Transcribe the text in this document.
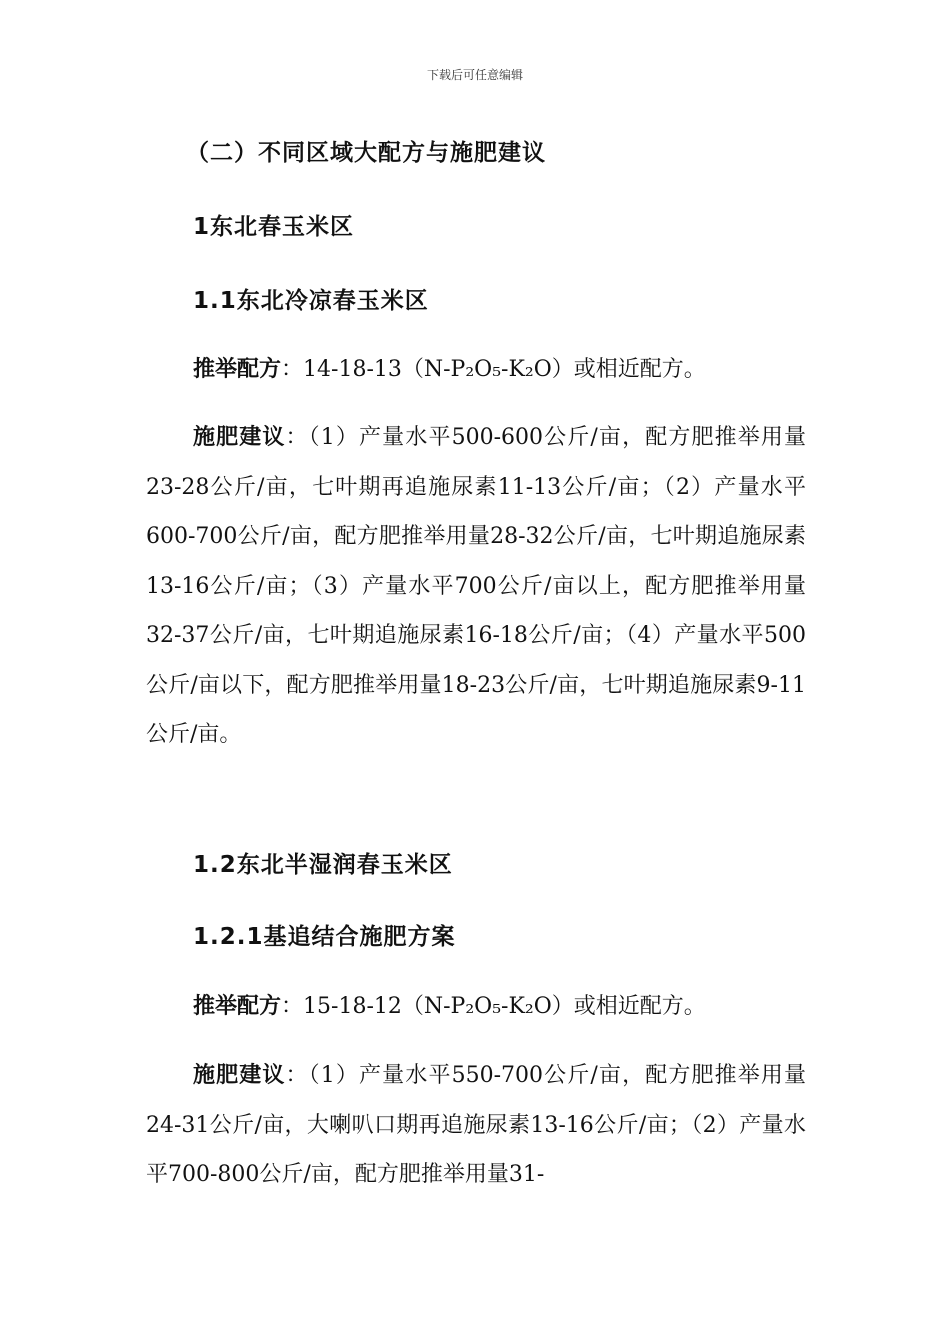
下载后可任意编辑
（二）不同区域大配方与施肥建议
1东北春玉米区
1.1东北冷凉春玉米区
推举配方：14-18-13（N-P₂O₅-K₂O）或相近配方。

施肥建议：（1）产量水平500-600公斤/亩，配方肥推举用量23-28公斤/亩，七叶期再追施尿素11-13公斤/亩；（2）产量水平600-700公斤/亩，配方肥推举用量28-32公斤/亩，七叶期追施尿素13-16公斤/亩；（3）产量水平700公斤/亩以上，配方肥推举用量32-37公斤/亩，七叶期追施尿素16-18公斤/亩；（4）产量水平500公斤/亩以下，配方肥推举用量18-23公斤/亩，七叶期追施尿素9-11公斤/亩。

1.2东北半湿润春玉米区
1.2.1基追结合施肥方案
推举配方：15-18-12（N-P₂O₅-K₂O）或相近配方。

施肥建议：（1）产量水平550-700公斤/亩，配方肥推举用量24-31公斤/亩，大喇叭口期再追施尿素13-16公斤/亩；（2）产量水平700-800公斤/亩，配方肥推举用量31-
